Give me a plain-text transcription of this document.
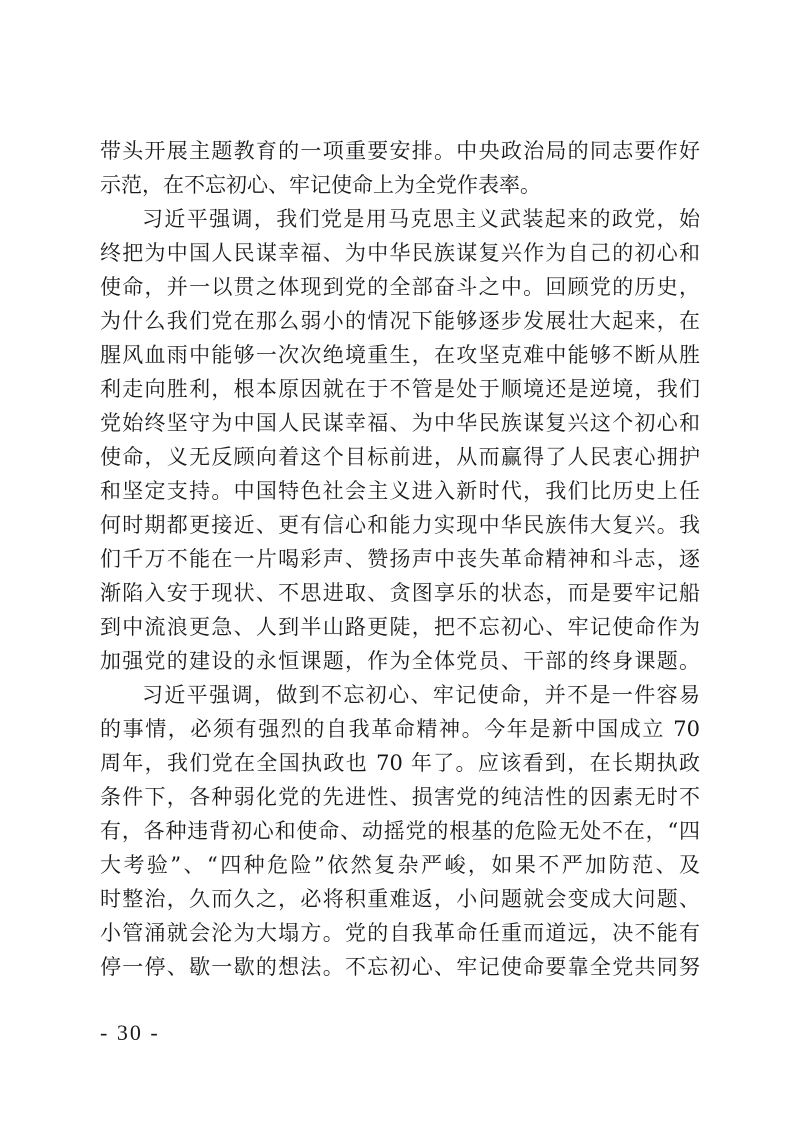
带头开展主题教育的一项重要安排。中央政治局的同志要作好
示范，在不忘初心、牢记使命上为全党作表率。
习近平强调，我们党是用马克思主义武装起来的政党，始
终把为中国人民谋幸福、为中华民族谋复兴作为自己的初心和
使命，并一以贯之体现到党的全部奋斗之中。回顾党的历史，
为什么我们党在那么弱小的情况下能够逐步发展壮大起来，在
腥风血雨中能够一次次绝境重生，在攻坚克难中能够不断从胜
利走向胜利，根本原因就在于不管是处于顺境还是逆境，我们
党始终坚守为中国人民谋幸福、为中华民族谋复兴这个初心和
使命，义无反顾向着这个目标前进，从而赢得了人民衷心拥护
和坚定支持。中国特色社会主义进入新时代，我们比历史上任
何时期都更接近、更有信心和能力实现中华民族伟大复兴。我
们千万不能在一片喝彩声、赞扬声中丧失革命精神和斗志，逐
渐陷入安于现状、不思进取、贪图享乐的状态，而是要牢记船
到中流浪更急、人到半山路更陡，把不忘初心、牢记使命作为
加强党的建设的永恒课题，作为全体党员、干部的终身课题。
习近平强调，做到不忘初心、牢记使命，并不是一件容易
的事情，必须有强烈的自我革命精神。今年是新中国成立 70
周年，我们党在全国执政也 70 年了。应该看到，在长期执政
条件下，各种弱化党的先进性、损害党的纯洁性的因素无时不
有，各种违背初心和使命、动摇党的根基的危险无处不在，“四
大考验”、“四种危险”依然复杂严峻，如果不严加防范、及
时整治，久而久之，必将积重难返，小问题就会变成大问题、
小管涌就会沦为大塌方。党的自我革命任重而道远，决不能有
停一停、歇一歇的想法。不忘初心、牢记使命要靠全党共同努
- 30 -
